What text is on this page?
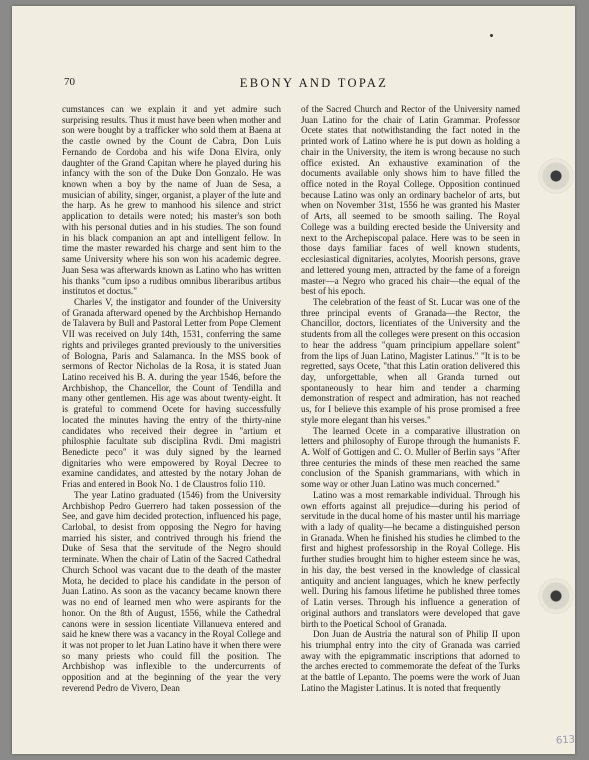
70	EBONY AND TOPAZ

cumstances can we explain it and yet admire such surprising results. Thus it must have been when mother and son were bought by a trafficker who sold them at Baena at the castle owned by the Count de Cabra, Don Luis Fernando de Cordoba and his wife Dona Elvira, only daughter of the Grand Capitan where he played during his infancy with the son of the Duke Don Gonzalo. He was known when a boy by the name of Juan de Sesa, a musician of ability, singer, organist, a player of the lute and the harp. As he grew to manhood his silence and strict application to details were noted; his master's son both with his personal duties and in his studies. The son found in his black companion an apt and intelligent fellow. In time the master rewarded his charge and sent him to the same University where his son won his academic degree. Juan Sesa was afterwards known as Latino who has written his thanks "cum ipso a rudibus omnibus liberaribus artibus institutos et doctus."

Charles V, the instigator and founder of the University of Granada afterward opened by the Archbishop Hernando de Talavera by Bull and Pastoral Letter from Pope Clement VII was received on July 14th, 1531, conferring the same rights and privileges granted previously to the universities of Bologna, Paris and Salamanca. In the MSS book of sermons of Rector Nicholas de la Rosa, it is stated Juan Latino received his B. A. during the year 1546, before the Archbishop, the Chancellor, the Count of Tendilla and many other gentlemen. His age was about twenty-eight. It is grateful to commend Ocete for having successfully located the minutes having the entry of the thirty-nine candidates who received their degree in "artium et philosphie facultate sub disciplina Rvdi. Dmi magistri Benedicte peco" it was duly signed by the learned dignitaries who were empowered by Royal Decree to examine candidates, and attested by the notary Johan de Frias and entered in Book No. 1 de Claustros folio 110.

The year Latino graduated (1546) from the University Archbishop Pedro Guerrero had taken possession of the See, and gave him decided protection, influenced his page, Carlobal, to desist from opposing the Negro for having married his sister, and contrived through his friend the Duke of Sesa that the servitude of the Negro should terminate. When the chair of Latin of the Sacred Cathedral Church School was vacant due to the death of the master Mota, he decided to place his candidate in the person of Juan Latino. As soon as the vacancy became known there was no end of learned men who were aspirants for the honor. On the 8th of August, 1556, while the Cathedral canons were in session licentiate Villanueva entered and said he knew there was a vacancy in the Royal College and it was not proper to let Juan Latino have it when there were so many priests who could fill the position. The Archbishop was inflexible to the undercurrents of opposition and at the beginning of the year the very reverend Pedro de Vivero, Dean

of the Sacred Church and Rector of the University named Juan Latino for the chair of Latin Grammar. Professor Ocete states that notwithstanding the fact noted in the printed work of Latino where he is put down as holding a chair in the University, the item is wrong because no such office existed. An exhaustive examination of the documents available only shows him to have filled the office noted in the Royal College. Opposition continued because Latino was only an ordinary bachelor of arts, but when on November 31st, 1556 he was granted his Master of Arts, all seemed to be smooth sailing. The Royal College was a building erected beside the University and next to the Archepiscopal palace. Here was to be seen in those days familiar faces of well known students, ecclesiastical dignitaries, acolytes, Moorish persons, grave and lettered young men, attracted by the fame of a foreign master—a Negro who graced his chair—the equal of the best of his epoch.

The celebration of the feast of St. Lucar was one of the three principal events of Granada—the Rector, the Chancillor, doctors, licentiates of the University and the students from all the colleges were present on this occasion to hear the address "quam principium appellare solent" from the lips of Juan Latino, Magister Latinus." "It is to be regretted, says Ocete, "that this Latin oration delivered this day, unforgettable, when all Granda turned out spontaneously to hear him and tender a charming demonstration of respect and admiration, has not reached us, for I believe this example of his prose promised a free style more elegant than his verses."

The learned Ocete in a comparative illustration on letters and philosophy of Europe through the humanists F. A. Wolf of Gottigen and C. O. Muller of Berlin says "After three centuries the minds of these men reached the same conclusion of the Spanish grammarians, with which in some way or other Juan Latino was much concerned."

Latino was a most remarkable individual. Through his own efforts against all prejudice—during his period of servitude in the ducal home of his master until his marriage with a lady of quality—he became a distinguished person in Granada. When he finished his studies he climbed to the first and highest professorship in the Royal College. His further studies brought him to higher esteem since he was, in his day, the best versed in the knowledge of classical antiquity and ancient languages, which he knew perfectly well. During his famous lifetime he published three tomes of Latin verses. Through his influence a generation of original authors and translators were developed that gave birth to the Poetical School of Granada.

Don Juan de Austria the natural son of Philip II upon his triumphal entry into the city of Granada was carried away with the epigrammatic inscriptions that adorned to the arches erected to commemorate the defeat of the Turks at the battle of Lepanto. The poems were the work of Juan Latino the Magister Latinus. It is noted that frequently

613
